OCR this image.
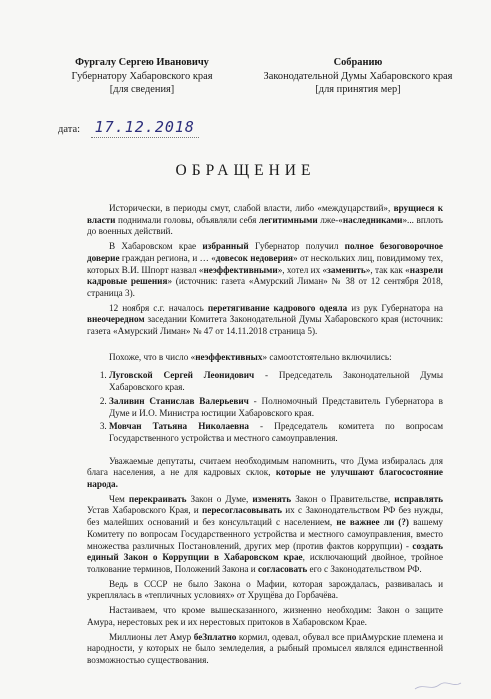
Фургалу Сергею Ивановичу
Губернатору Хабаровского края
[для сведения]
Собранию
Законодательной Думы Хабаровского края
[для принятия мер]
дата: 17.12.2018
ОБРАЩЕНИЕ

Исторически, в периоды смут, слабой власти, либо «междуцарствий», врущиеся к власти поднимали головы, объявляли себя легитимными лже-«наследниками»... вплоть до военных действий.

В Хабаровском крае избранный Губернатор получил полное безоговорочное доверие граждан региона, и … «довесок недоверия» от нескольких лиц, повидимому тех, которых В.И. Шпорт назвал «неэффективными», хотел их «заменить», так как «назрели кадровые решения» (источник: газета «Амурский Лиман» № 38 от 12 сентября 2018, страница 3).

12 ноября с.г. началось перетягивание кадрового одеяла из рук Губернатора на внеочередном заседании Комитета Законодательной Думы Хабаровского края (источник: газета «Амурский Лиман» № 47 от 14.11.2018 страница 5).

Похоже, что в число «неэффективных» самоотстоятельно включились:

1. Луговской Сергей Леонидович - Председатель Законодательной Думы Хабаровского края.
2. Заливин Станислав Валерьевич - Полномочный Представитель Губернатора в Думе и И.О. Министра юстиции Хабаровского края.
3. Мовчан Татьяна Николаевна - Председатель комитета по вопросам Государственного устройства и местного самоуправления.

Уважаемые депутаты, считаем необходимым напомнить, что Дума избиралась для блага населения, а не для кадровых склок, которые не улучшают благосостояние народа.

Чем перекраивать Закон о Думе, изменять Закон о Правительстве, исправлять Устав Хабаровского Края, и пересогласовывать их с Законодательством РФ без нужды, без малейших оснований и без консультаций с населением, не важнее ли (?) вашему Комитету по вопросам Государственного устройства и местного самоуправления, вместо множества различных Постановлений, других мер (против фактов коррупции) - создать единый Закон о Коррупции в Хабаровском крае, исключающий двойное, тройное толкование терминов, Положений Закона и согласовать его с Законодательством РФ.

Ведь в СССР не было Закона о Мафии, которая зарождалась, развивалась и укреплялась в «тепличных условиях» от Хрущёва до Горбачёва.

Настаиваем, что кроме вышесказанного, жизненно необходим: Закон о защите Амура, нерестовых рек и их нерестовых притоков в Хабаровском Крае.

Миллионы лет Амур беЗплатно кормил, одевал, обувал все приАмурские племена и народности, у которых не было земледелия, а рыбный промысел являлся единственной возможностью существования.
